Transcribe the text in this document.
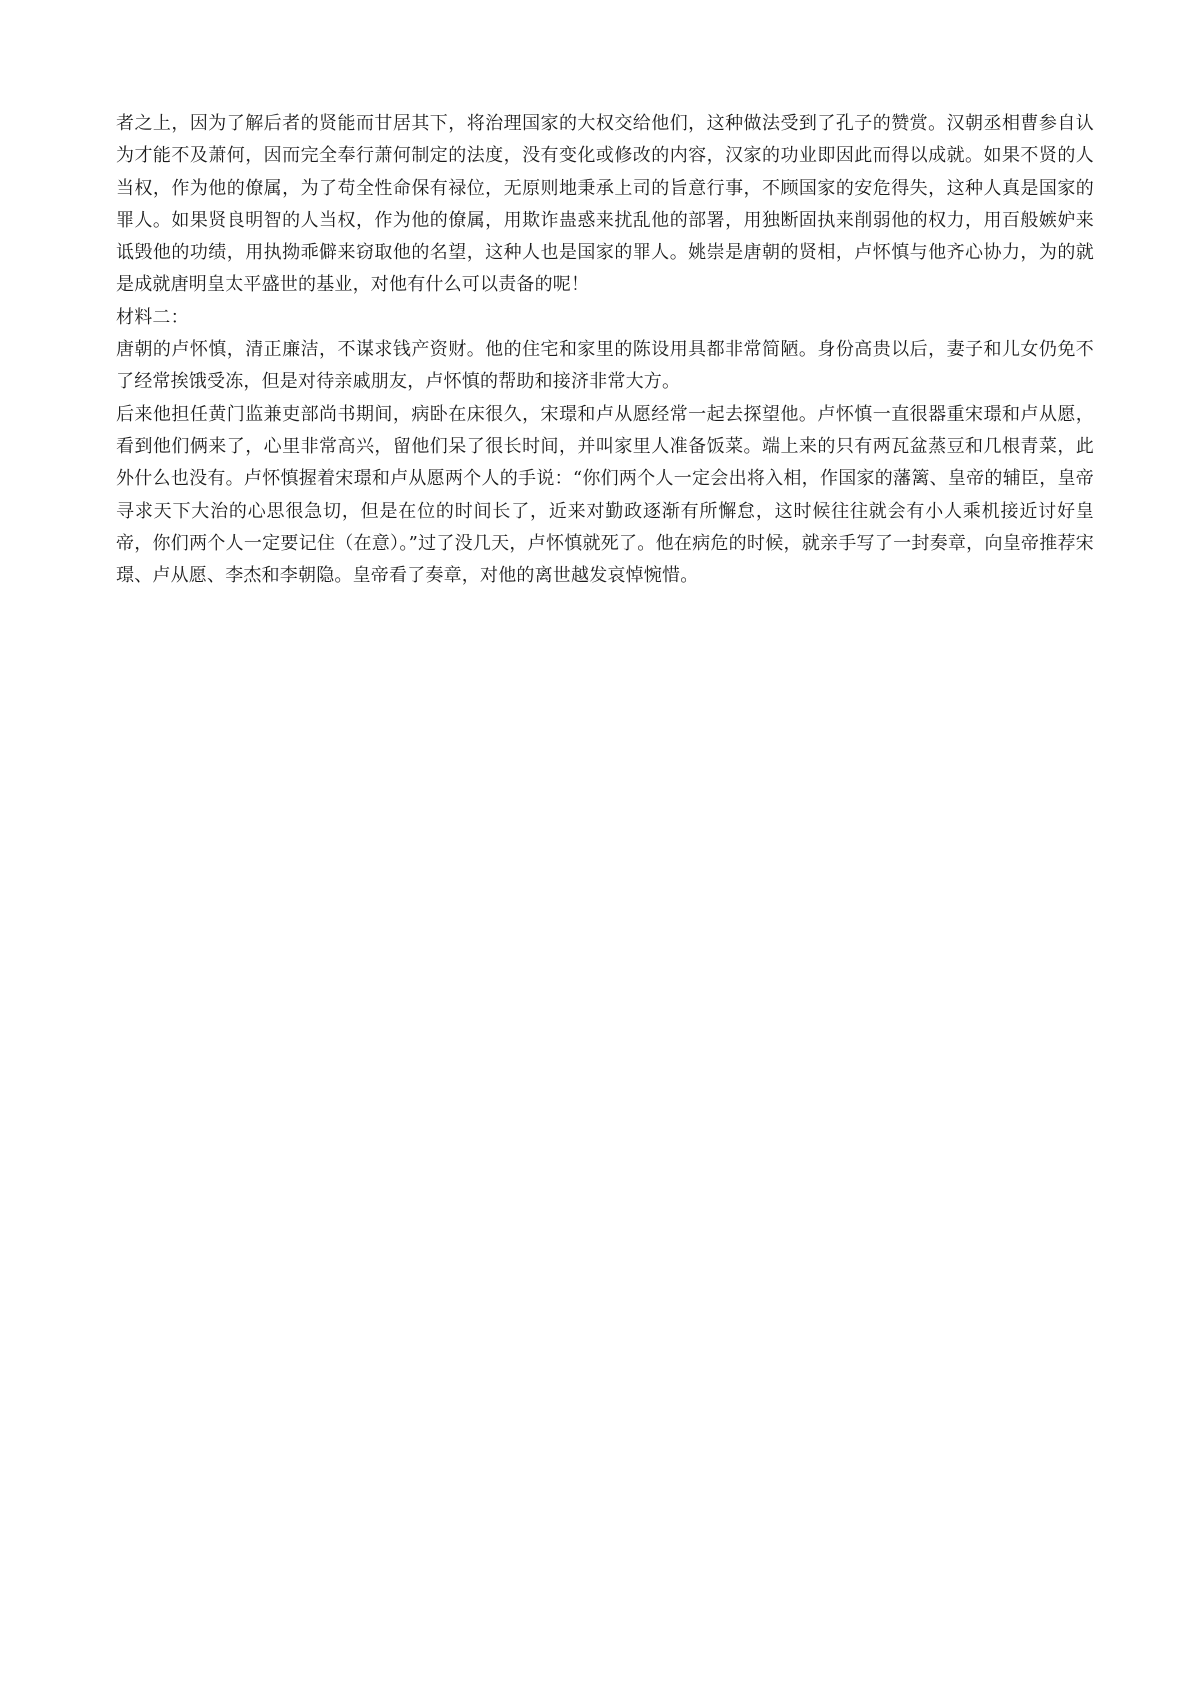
者之上，因为了解后者的贤能而甘居其下，将治理国家的大权交给他们，这种做法受到了孔子的赞赏。汉朝丞相曹参自认为才能不及萧何，因而完全奉行萧何制定的法度，没有变化或修改的内容，汉家的功业即因此而得以成就。如果不贤的人当权，作为他的僚属，为了苟全性命保有禄位，无原则地秉承上司的旨意行事，不顾国家的安危得失，这种人真是国家的罪人。如果贤良明智的人当权，作为他的僚属，用欺诈蛊惑来扰乱他的部署，用独断固执来削弱他的权力，用百般嫉妒来诋毁他的功绩，用执拗乖僻来窃取他的名望，这种人也是国家的罪人。姚崇是唐朝的贤相，卢怀慎与他齐心协力，为的就是成就唐明皇太平盛世的基业，对他有什么可以责备的呢！

材料二：

唐朝的卢怀慎，清正廉洁，不谋求钱产资财。他的住宅和家里的陈设用具都非常简陋。身份高贵以后，妻子和儿女仍免不了经常挨饿受冻，但是对待亲戚朋友，卢怀慎的帮助和接济非常大方。

后来他担任黄门监兼吏部尚书期间，病卧在床很久，宋璟和卢从愿经常一起去探望他。卢怀慎一直很器重宋璟和卢从愿，看到他们俩来了，心里非常高兴，留他们呆了很长时间，并叫家里人准备饭菜。端上来的只有两瓦盆蒸豆和几根青菜，此外什么也没有。卢怀慎握着宋璟和卢从愿两个人的手说：“你们两个人一定会出将入相，作国家的藩篱、皇帝的辅臣，皇帝寻求天下大治的心思很急切，但是在位的时间长了，近来对勤政逐渐有所懈怠，这时候往往就会有小人乘机接近讨好皇帝，你们两个人一定要记住（在意）。”过了没几天，卢怀慎就死了。他在病危的时候，就亲手写了一封奏章，向皇帝推荐宋璟、卢从愿、李杰和李朝隐。皇帝看了奏章，对他的离世越发哀悼惋惜。
